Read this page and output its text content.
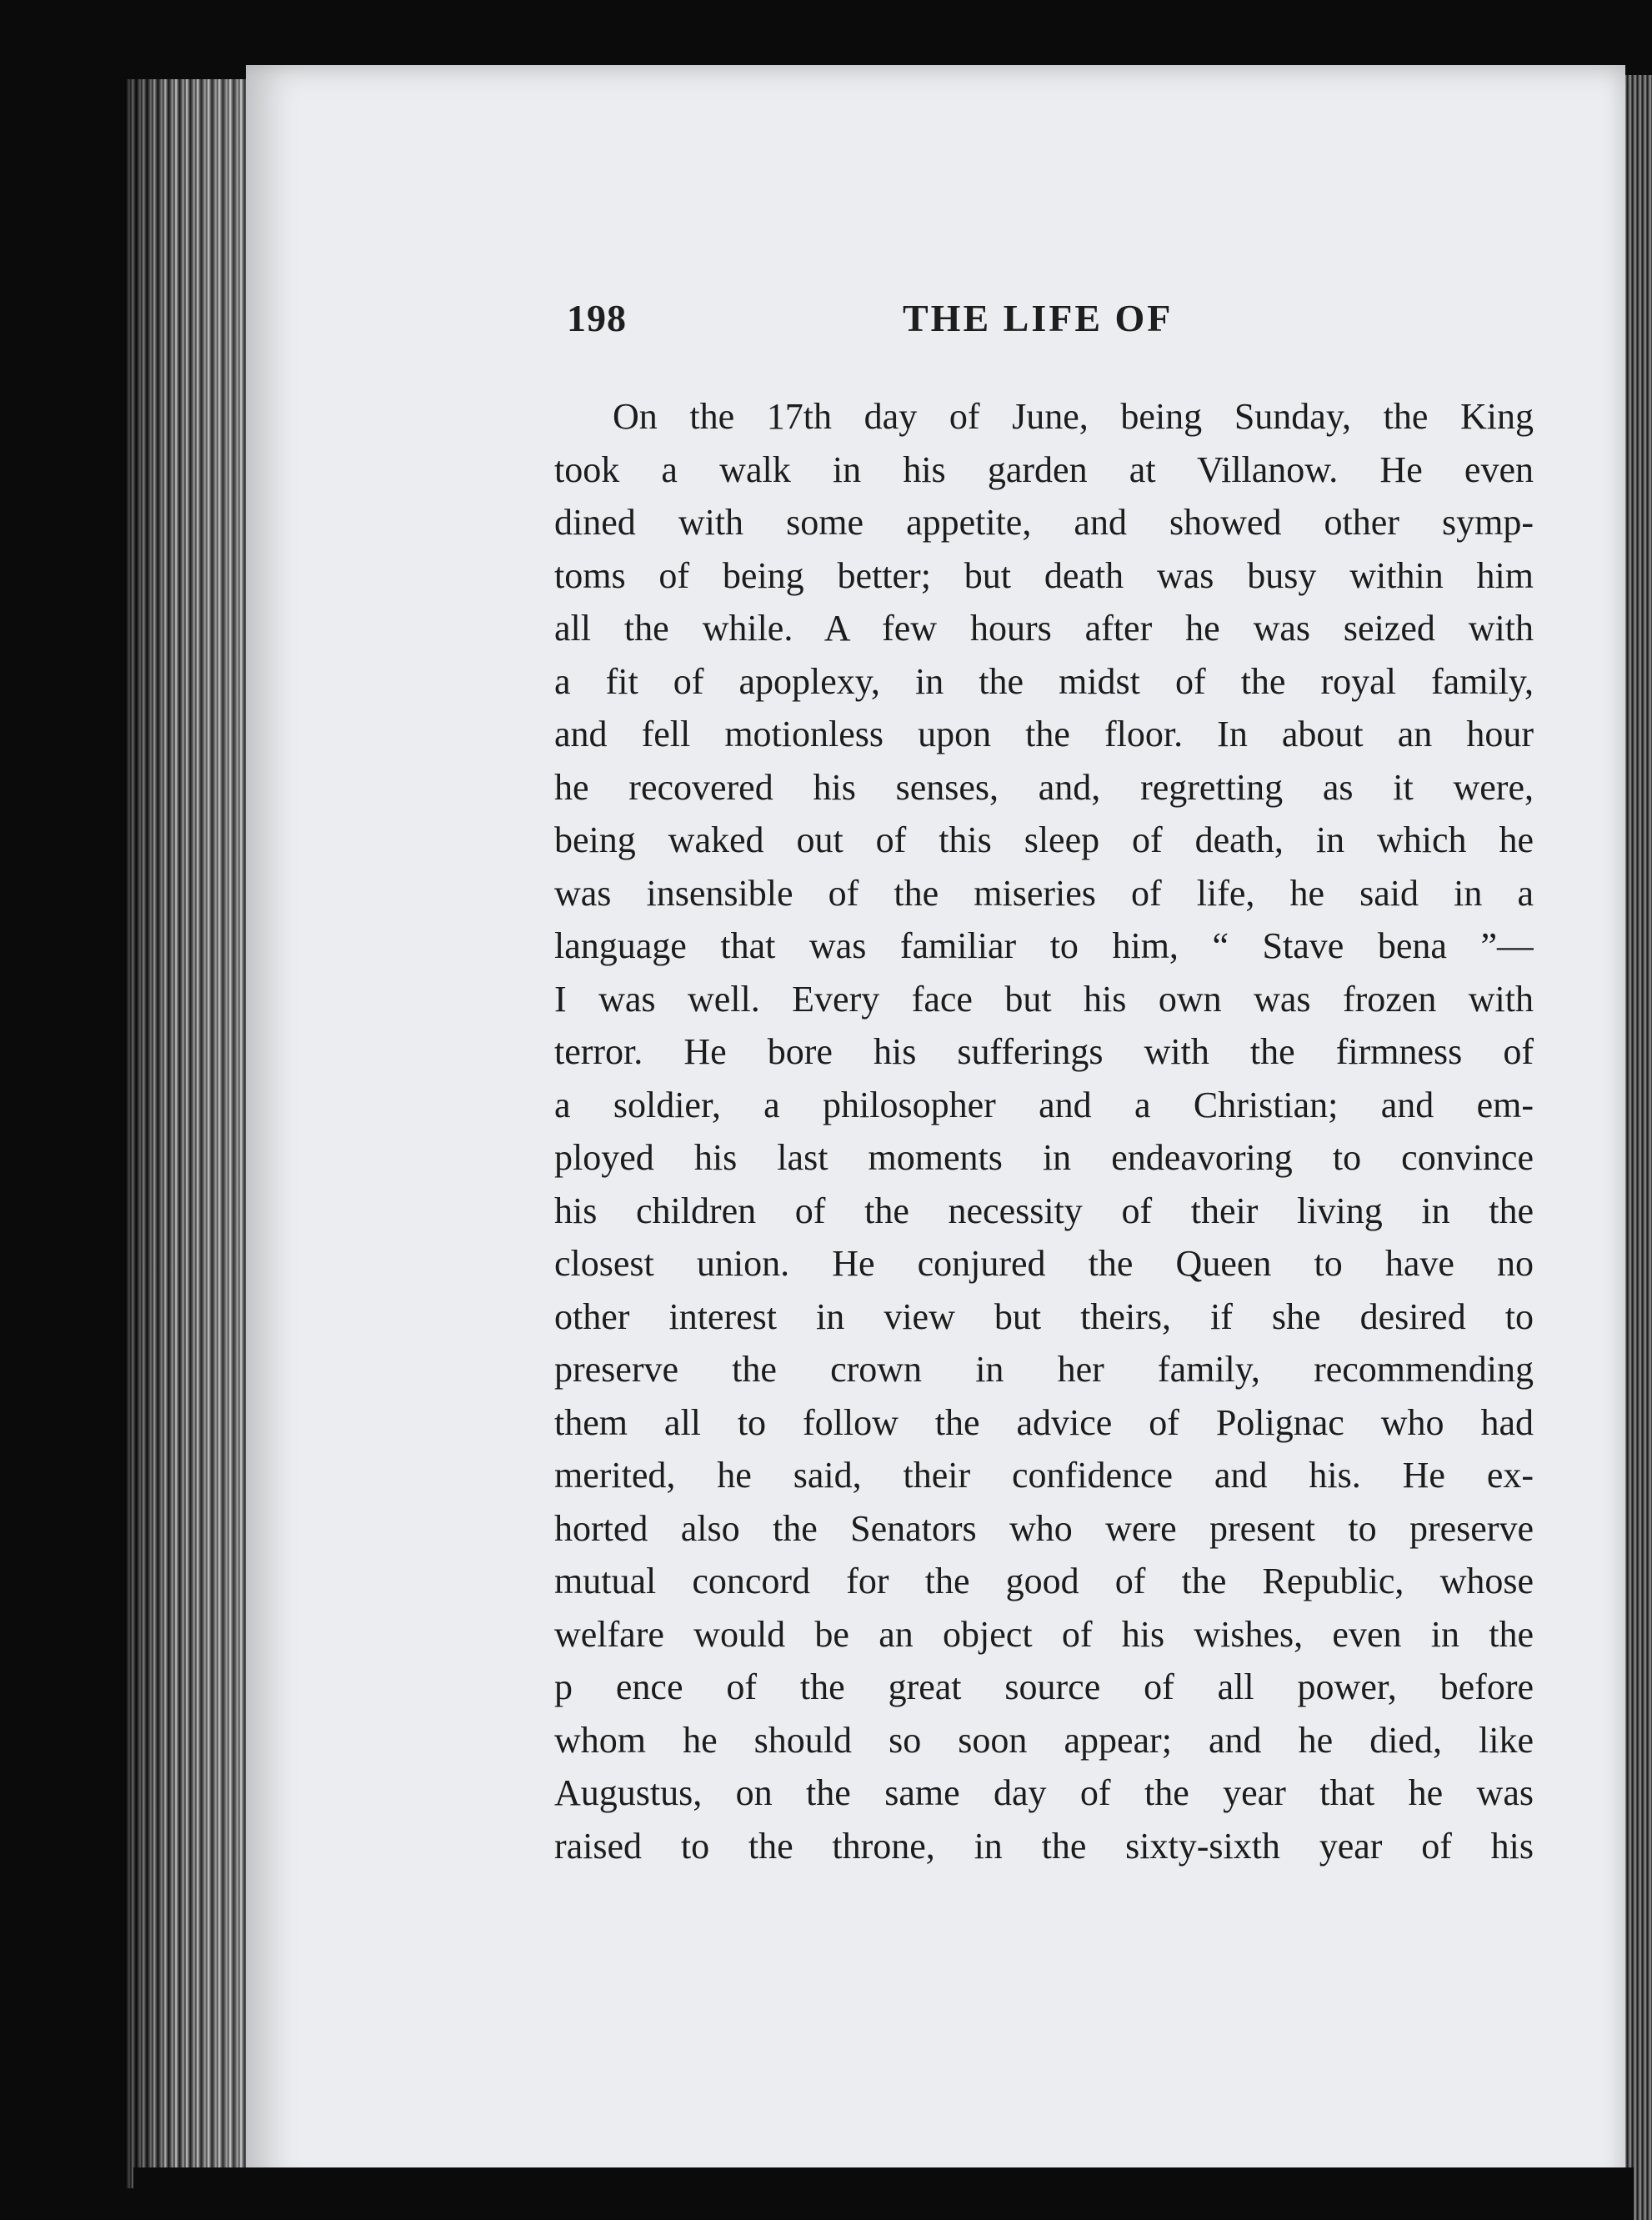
198	THE LIFE OF
On the 17th day of June, being Sunday, the King
took a walk in his garden at Villanow. He even
dined with some appetite, and showed other symp-
toms of being better; but death was busy within him
all the while. A few hours after he was seized with
a fit of apoplexy, in the midst of the royal family,
and fell motionless upon the floor. In about an hour
he recovered his senses, and, regretting as it were,
being waked out of this sleep of death, in which he
was insensible of the miseries of life, he said in a
language that was familiar to him, “ Stave bena ”—
I was well. Every face but his own was frozen with
terror. He bore his sufferings with the firmness of
a soldier, a philosopher and a Christian; and em-
ployed his last moments in endeavoring to convince
his children of the necessity of their living in the
closest union. He conjured the Queen to have no
other interest in view but theirs, if she desired to
preserve the crown in her family, recommending
them all to follow the advice of Polignac who had
merited, he said, their confidence and his. He ex-
horted also the Senators who were present to preserve
mutual concord for the good of the Republic, whose
welfare would be an object of his wishes, even in the
p ence of the great source of all power, before
whom he should so soon appear; and he died, like
Augustus, on the same day of the year that he was
raised to the throne, in the sixty-sixth year of his
